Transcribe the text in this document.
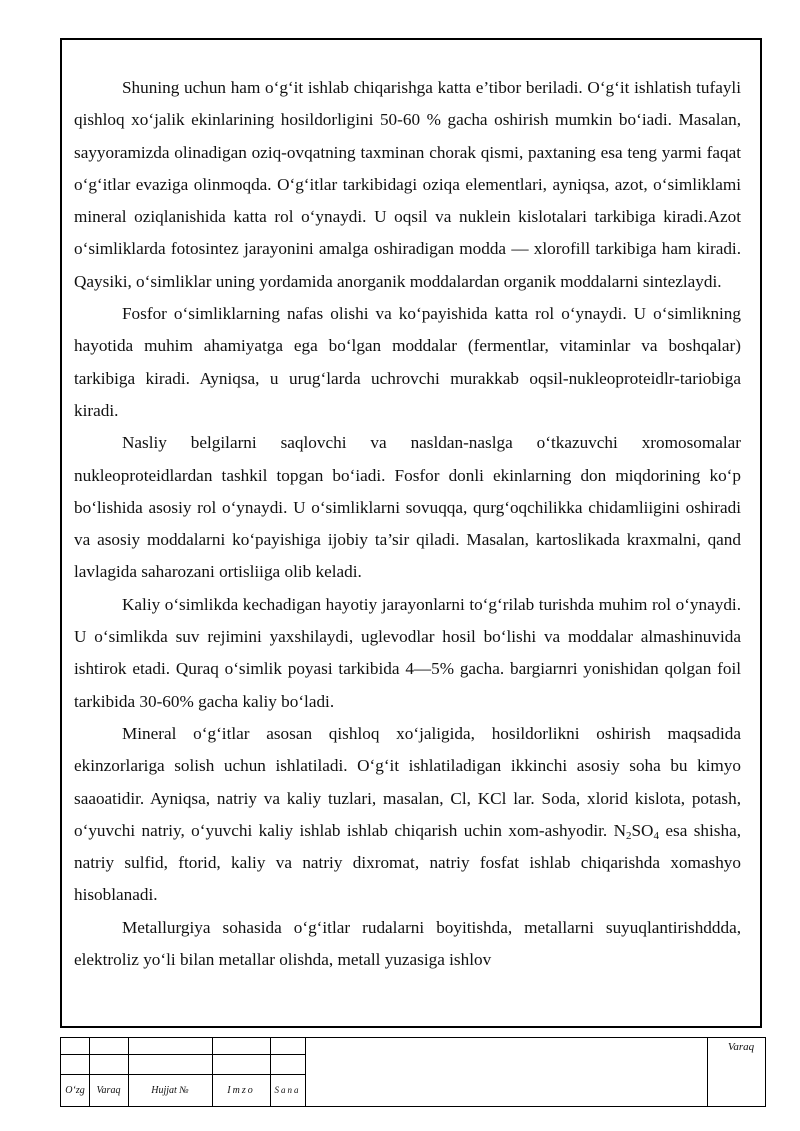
Shuning uchun ham o‘g‘it ishlab chiqarishga katta e’tibor beriladi. O‘g‘it ishlatish tufayli qishloq xo‘jalik ekinlarining hosildorligini 50-60 % gacha oshirish mumkin bo‘iadi. Masalan, sayyoramizda olinadigan oziq-ovqatning taxminan chorak qismi, paxtaning esa teng yarmi faqat o‘g‘itlar evaziga olinmoqda. O‘g‘itlar tarkibidagi oziqa elementlari, ayniqsa, azot, o‘simliklami mineral oziqlanishida katta rol o‘ynaydi. U oqsil va nuklein kislotalari tarkibiga kiradi.Azot o‘simliklarda fotosintez jarayonini amalga oshiradigan modda — xlorofill tarkibiga ham kiradi. Qaysiki, o‘simliklar uning yordamida anorganik moddalardan organik moddalarni sintezlaydi.

Fosfor o‘simliklarning nafas olishi va ko‘payishida katta rol o‘ynaydi. U o‘simlikning hayotida muhim ahamiyatga ega bo‘lgan moddalar (fermentlar, vitaminlar va boshqalar) tarkibiga kiradi. Ayniqsa, u urug‘larda uchrovchi murakkab oqsil-nukleoproteidlr-tariobiga kiradi.

Nasliy belgilarni saqlovchi va nasldan-naslga o‘tkazuvchi xromosomalar nukleoproteidlardan tashkil topgan bo‘iadi. Fosfor donli ekinlarning don miqdorining ko‘p bo‘lishida asosiy rol o‘ynaydi. U o‘simliklarni sovuqqa, qurg‘oqchilikka chidamliigini oshiradi va asosiy moddalarni ko‘payishiga ijobiy ta’sir qiladi. Masalan, kartoslikada kraxmalni, qand lavlagida saharozani ortisliiga olib keladi.

Kaliy o‘simlikda kechadigan hayotiy jarayonlarni to‘g‘rilab turishda muhim rol o‘ynaydi. U o‘simlikda suv rejimini yaxshilaydi, uglevodlar hosil bo‘lishi va moddalar almashinuvida ishtirok etadi. Quraq o‘simlik poyasi tarkibida 4—5% gacha. bargiarnri yonishidan qolgan foil tarkibida 30-60% gacha kaliy bo‘ladi.

Mineral o‘g‘itlar asosan qishloq xo‘jaligida, hosildorlikni oshirish maqsadida ekinzorlariga solish uchun ishlatiladi. O‘g‘it ishlatiladigan ikkinchi asosiy soha bu kimyo saaoatidir. Ayniqsa, natriy va kaliy tuzlari, masalan, Cl, KCl lar. Soda, xlorid kislota, potash, o‘yuvchi natriy, o‘yuvchi kaliy ishlab ishlab chiqarish uchin xom-ashyodir. $N_2SO_4$ esa shisha, natriy sulfid, ftorid, kaliy va natriy dixromat, natriy fosfat ishlab chiqarishda xomashyo hisoblanadi.

Metallurgiya sohasida o‘g‘itlar rudalarni boyitishda, metallarni suyuqlantirishddda, elektroliz yo‘li bilan metallar olishda, metall yuzasiga ishlov

O‘zg	Varaq	Hujjat №	Imzo	Sana
Varaq
